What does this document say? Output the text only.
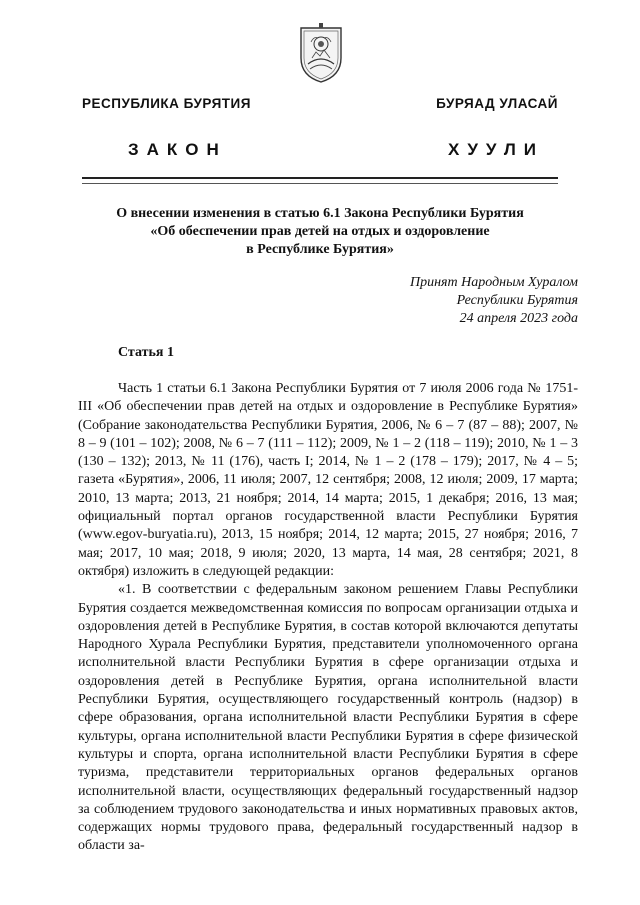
РЕСПУБЛИКА БУРЯТИЯ	БУРЯАД УЛАСАЙ
ЗАКОН	ХУУЛИ
О внесении изменения в статью 6.1 Закона Республики Бурятия
«Об обеспечении прав детей на отдых и оздоровление
в Республике Бурятия»
Принят Народным Хуралом
Республики Бурятия
24 апреля 2023 года
Статья 1

Часть 1 статьи 6.1 Закона Республики Бурятия от 7 июля 2006 года № 1751-III «Об обеспечении прав детей на отдых и оздоровление в Республике Бурятия» (Собрание законодательства Республики Бурятия, 2006, № 6 – 7 (87 – 88); 2007, № 8 – 9 (101 – 102); 2008, № 6 – 7 (111 – 112); 2009, № 1 – 2 (118 – 119); 2010, № 1 – 3 (130 – 132); 2013, № 11 (176), часть I; 2014, № 1 – 2 (178 – 179); 2017, № 4 – 5; газета «Бурятия», 2006, 11 июля; 2007, 12 сентября; 2008, 12 июля; 2009, 17 марта; 2010, 13 марта; 2013, 21 ноября; 2014, 14 марта; 2015, 1 декабря; 2016, 13 мая; официальный портал органов государственной власти Республики Бурятия (www.egov-buryatia.ru), 2013, 15 ноября; 2014, 12 марта; 2015, 27 ноября; 2016, 7 мая; 2017, 10 мая; 2018, 9 июля; 2020, 13 марта, 14 мая, 28 сентября; 2021, 8 октября) изложить в следующей редакции:

«1. В соответствии с федеральным законом решением Главы Республики Бурятия создается межведомственная комиссия по вопросам организации отдыха и оздоровления детей в Республике Бурятия, в состав которой включаются депутаты Народного Хурала Республики Бурятия, представители уполномоченного органа исполнительной власти Республики Бурятия в сфере организации отдыха и оздоровления детей в Республике Бурятия, органа исполнительной власти Республики Бурятия, осуществляющего государственный контроль (надзор) в сфере образования, органа исполнительной власти Республики Бурятия в сфере культуры, органа исполнительной власти Республики Бурятия в сфере физической культуры и спорта, органа исполнительной власти Республики Бурятия в сфере туризма, представители территориальных органов федеральных органов исполнительной власти, осуществляющих федеральный государственный надзор за соблюдением трудового законодательства и иных нормативных правовых актов, содержащих нормы трудового права, федеральный государственный надзор в области за-
